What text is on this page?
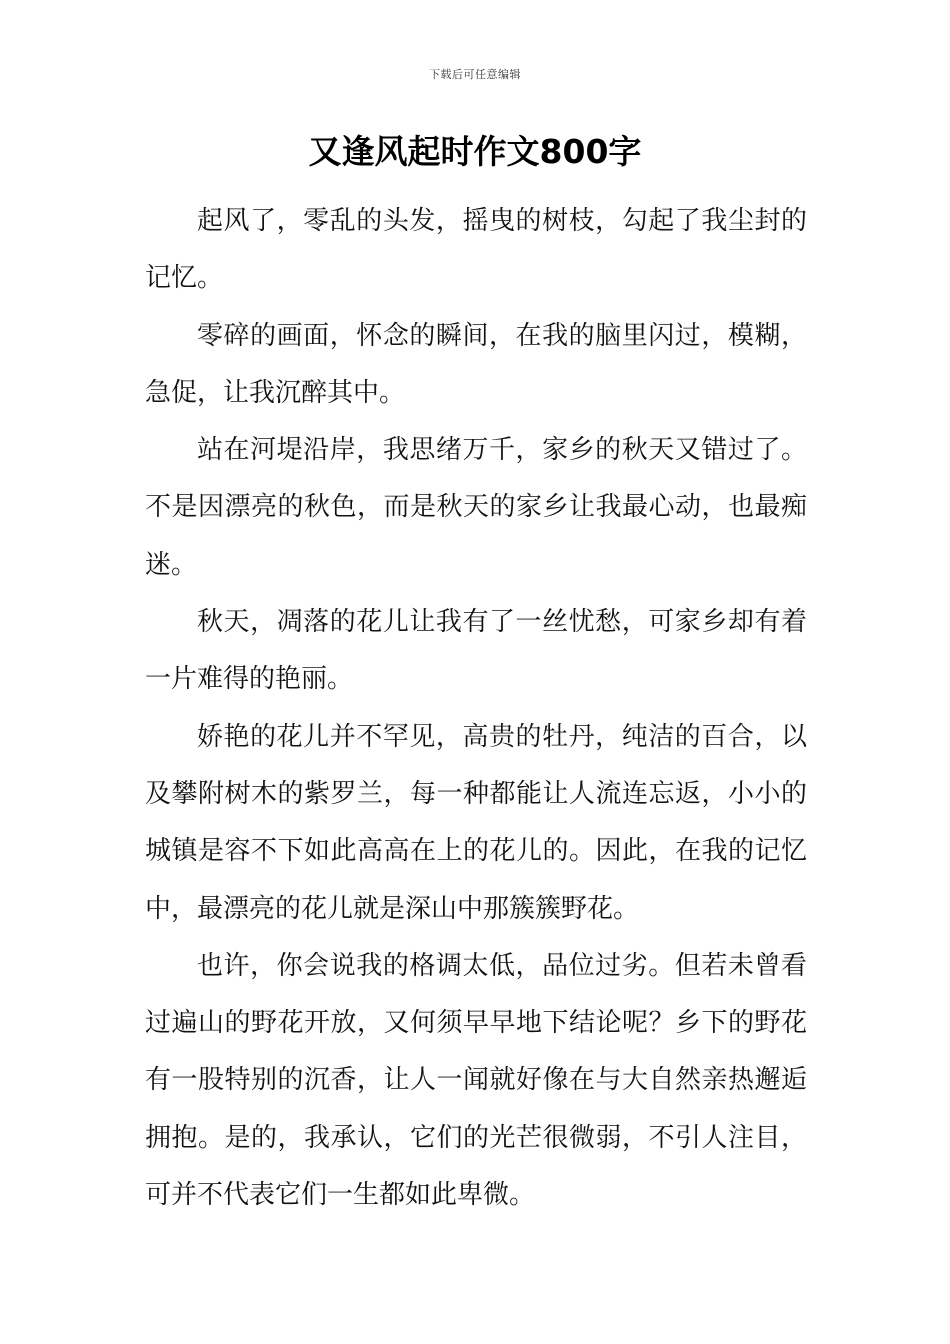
下载后可任意编辑
又逢风起时作文800字

起风了，零乱的头发，摇曳的树枝，勾起了我尘封的记忆。

零碎的画面，怀念的瞬间，在我的脑里闪过，模糊，急促，让我沉醉其中。

站在河堤沿岸，我思绪万千，家乡的秋天又错过了。不是因漂亮的秋色，而是秋天的家乡让我最心动，也最痴迷。

秋天，凋落的花儿让我有了一丝忧愁，可家乡却有着一片难得的艳丽。

娇艳的花儿并不罕见，高贵的牡丹，纯洁的百合，以及攀附树木的紫罗兰，每一种都能让人流连忘返，小小的城镇是容不下如此高高在上的花儿的。因此，在我的记忆中，最漂亮的花儿就是深山中那簇簇野花。

也许，你会说我的格调太低，品位过劣。但若未曾看过遍山的野花开放，又何须早早地下结论呢？乡下的野花有一股特别的沉香，让人一闻就好像在与大自然亲热邂逅拥抱。是的，我承认，它们的光芒很微弱，不引人注目，可并不代表它们一生都如此卑微。
